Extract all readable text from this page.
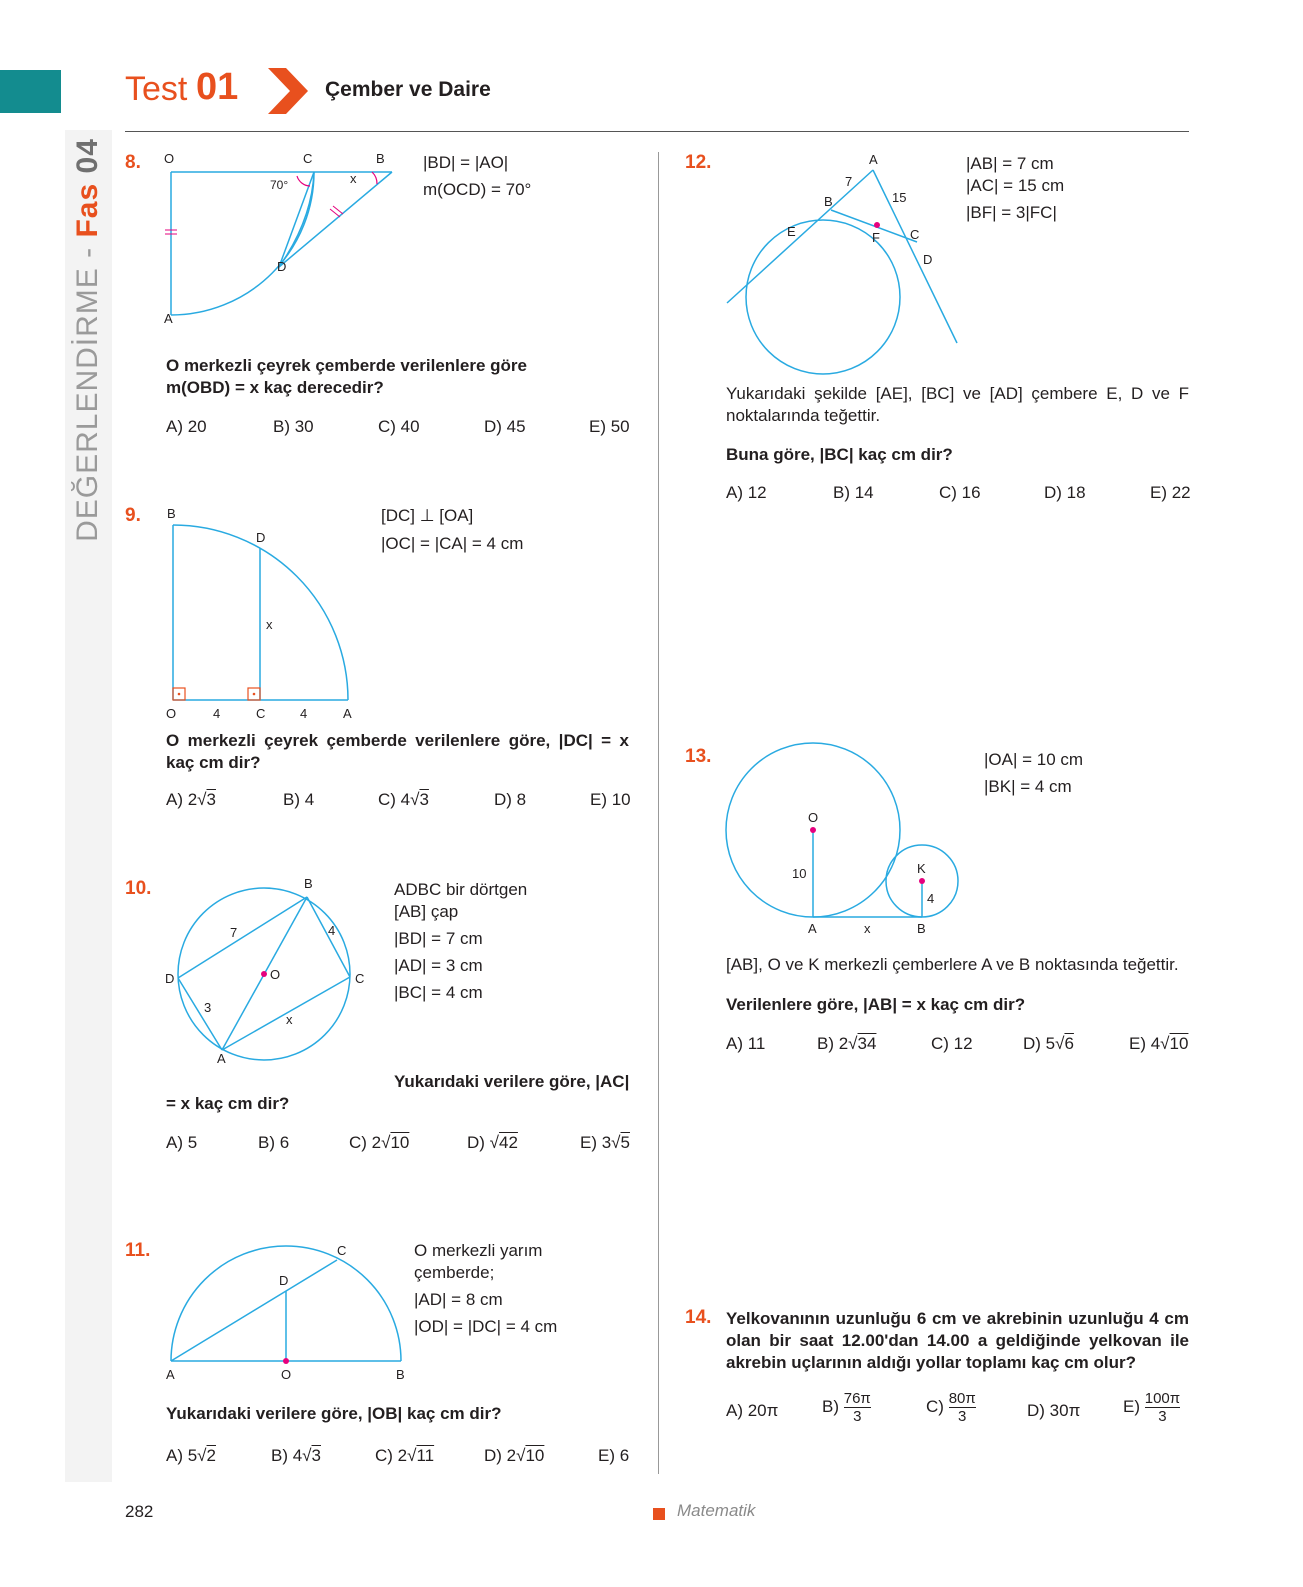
DEĞERLENDİRME - Fas 04
Test 01	Çember ve Daire
8. O	C	B
A
D
70°	x
|BD| = |AO|
m(OCD) = 70°
O merkezli çeyrek çemberde verilenlere göre
m(OBD) = x kaç derecedir?
A) 20	B) 30	C) 40	D) 45	E) 50
9. B
D
x
O	4	C	4	A
[DC] ⊥ [OA]
|OC| = |CA| = 4 cm
O merkezli çeyrek çemberde verilenlere göre, |DC| = x kaç cm dir?
A) 2√3	B) 4	C) 4√3	D) 8	E) 10
10.	B
D	O	C
A
7	4
3
x
ADBC bir dörtgen
[AB] çap
|BD| = 7 cm
|AD| = 3 cm
|BC| = 4 cm
Yukarıdaki verilere göre, |AC|
= x kaç cm dir?
A) 5	B) 6	C) 2√10	D) √42	E) 3√5
11.	C
D
A	O	B
O merkezli yarım
çemberde;
|AD| = 8 cm
|OD| = |DC| = 4 cm
Yukarıdaki verilere göre, |OB| kaç cm dir?
A) 5√2	B) 4√3	C) 2√11	D) 2√10	E) 6
12.	A
B
C
D
E	F
7
15
|AB| = 7 cm
|AC| = 15 cm
|BF| = 3|FC|
Yukarıdaki şekilde [AE], [BC] ve [AD] çembere E, D ve F noktalarında teğettir.
Buna göre, |BC| kaç cm dir?
A) 12	B) 14	C) 16	D) 18	E) 22
13.
O
10	K
4
A	x	B
|OA| = 10 cm
|BK| = 4 cm
[AB], O ve K merkezli çemberlere A ve B noktasında teğettir.
Verilenlere göre, |AB| = x kaç cm dir?
A) 11	B) 2√34	C) 12	D) 5√6	E) 4√10
14. Yelkovanının uzunluğu 6 cm ve akrebinin uzunluğu 4 cm olan bir saat 12.00'dan 14.00 a geldiğinde yelkovan ile akrebin uçlarının aldığı yollar toplamı kaç cm olur?
A) 20π	$B) \frac{76\pi}{3}$	$C) \frac{80\pi}{3}$	D) 30π	$E) \frac{100\pi}{3}$
282	Matematik
